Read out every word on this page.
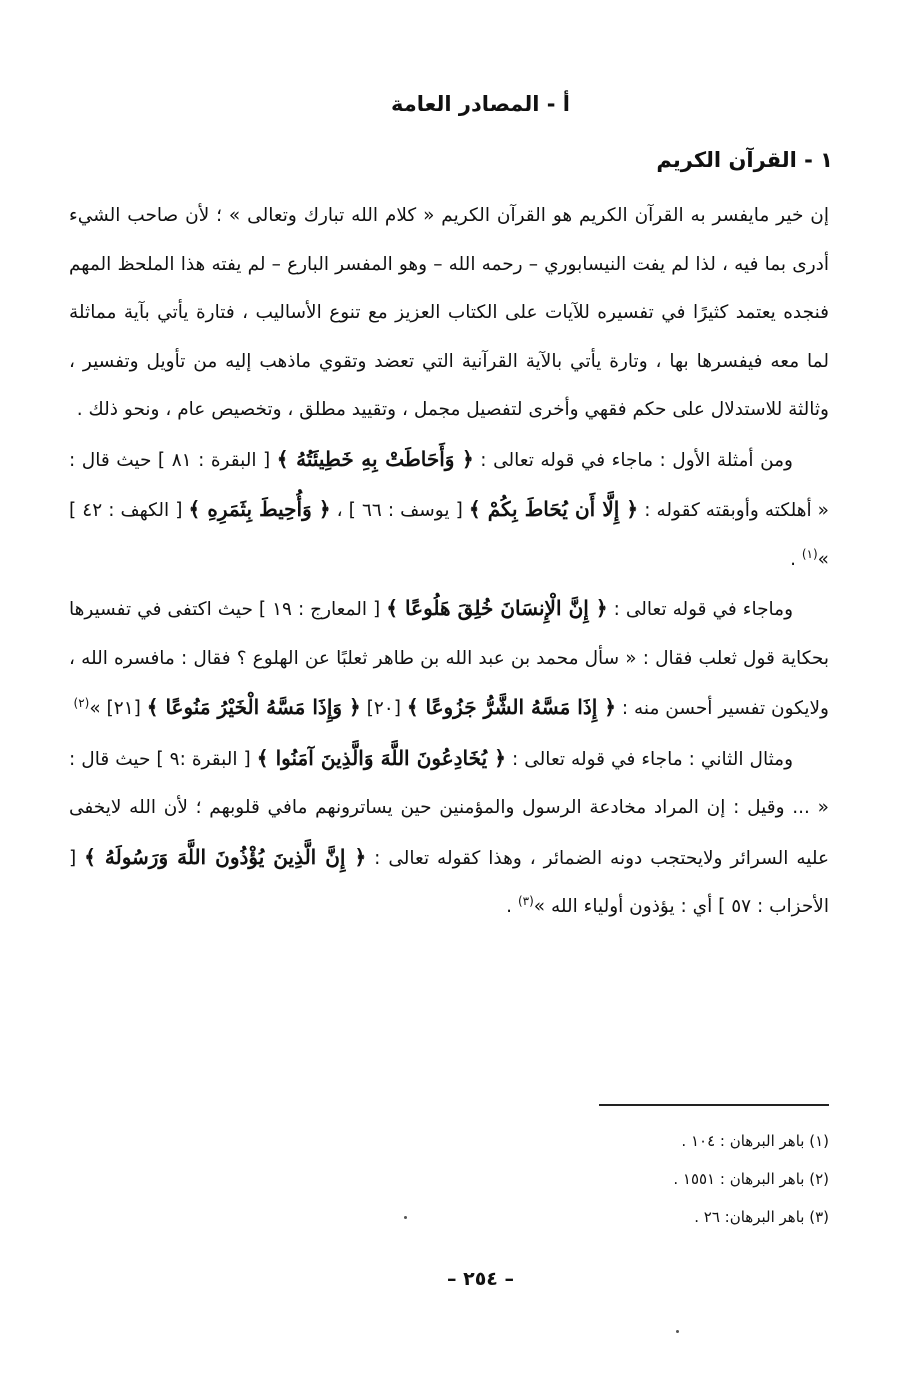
أ - المصادر العامة
١ - القرآن الكريم

إن خير مايفسر به القرآن الكريم هو القرآن الكريم « كلام الله تبارك وتعالى » ؛ لأن صاحب الشيء أدرى بما فيه ، لذا لم يفت النيسابوري – رحمه الله – وهو المفسر البارع – لم يفته هذا الملحظ المهم فنجده يعتمد كثيرًا في تفسيره للآيات على الكتاب العزيز مع تنوع الأساليب ، فتارة يأتي بآية مماثلة لما معه فيفسرها بها ، وتارة يأتي بالآية القرآنية التي تعضد وتقوي ماذهب إليه من تأويل وتفسير ، وثالثة للاستدلال على حكم فقهي وأخرى لتفصيل مجمل ، وتقييد مطلق ، وتخصيص عام ، ونحو ذلك .

ومن أمثلة الأول : ماجاء في قوله تعالى : ﴿ وَأَحَاطَتْ بِهِ خَطِيئَتُهُ ﴾ [ البقرة : ٨١ ] حيث قال : « أهلكته وأوبقته كقوله : ﴿ إِلَّا أَن يُحَاطَ بِكُمْ ﴾ [ يوسف : ٦٦ ] ، ﴿ وَأُحِيطَ بِثَمَرِهِ ﴾ [ الكهف : ٤٢ ] »$^{(١)}$ .

وماجاء في قوله تعالى : ﴿ إِنَّ الْإِنسَانَ خُلِقَ هَلُوعًا ﴾ [ المعارج : ١٩ ] حيث اكتفى في تفسيرها بحكاية قول ثعلب فقال : « سأل محمد بن عبد الله بن طاهر ثعلبًا عن الهلوع ؟ فقال : مافسره الله ، ولايكون تفسير أحسن منه : ﴿ إِذَا مَسَّهُ الشَّرُّ جَزُوعًا ﴾ [٢٠] ﴿ وَإِذَا مَسَّهُ الْخَيْرُ مَنُوعًا ﴾ [٢١] »$^{(٢)}$

ومثال الثاني : ماجاء في قوله تعالى : ﴿ يُخَادِعُونَ اللَّهَ وَالَّذِينَ آمَنُوا ﴾ [ البقرة :٩ ] حيث قال : « ... وقيل : إن المراد مخادعة الرسول والمؤمنين حين يساترونهم مافي قلوبهم ؛ لأن الله لايخفى عليه السرائر ولايحتجب دونه الضمائر ، وهذا كقوله تعالى : ﴿ إِنَّ الَّذِينَ يُؤْذُونَ اللَّهَ وَرَسُولَهُ ﴾ [ الأحزاب : ٥٧ ] أي : يؤذون أولياء الله »$^{(٣)}$ .

(١) باهر البرهان : ١٠٤ .
(٢) باهر البرهان : ١٥٥١ .
(٣) باهر البرهان: ٢٦ .
– ٢٥٤ –
